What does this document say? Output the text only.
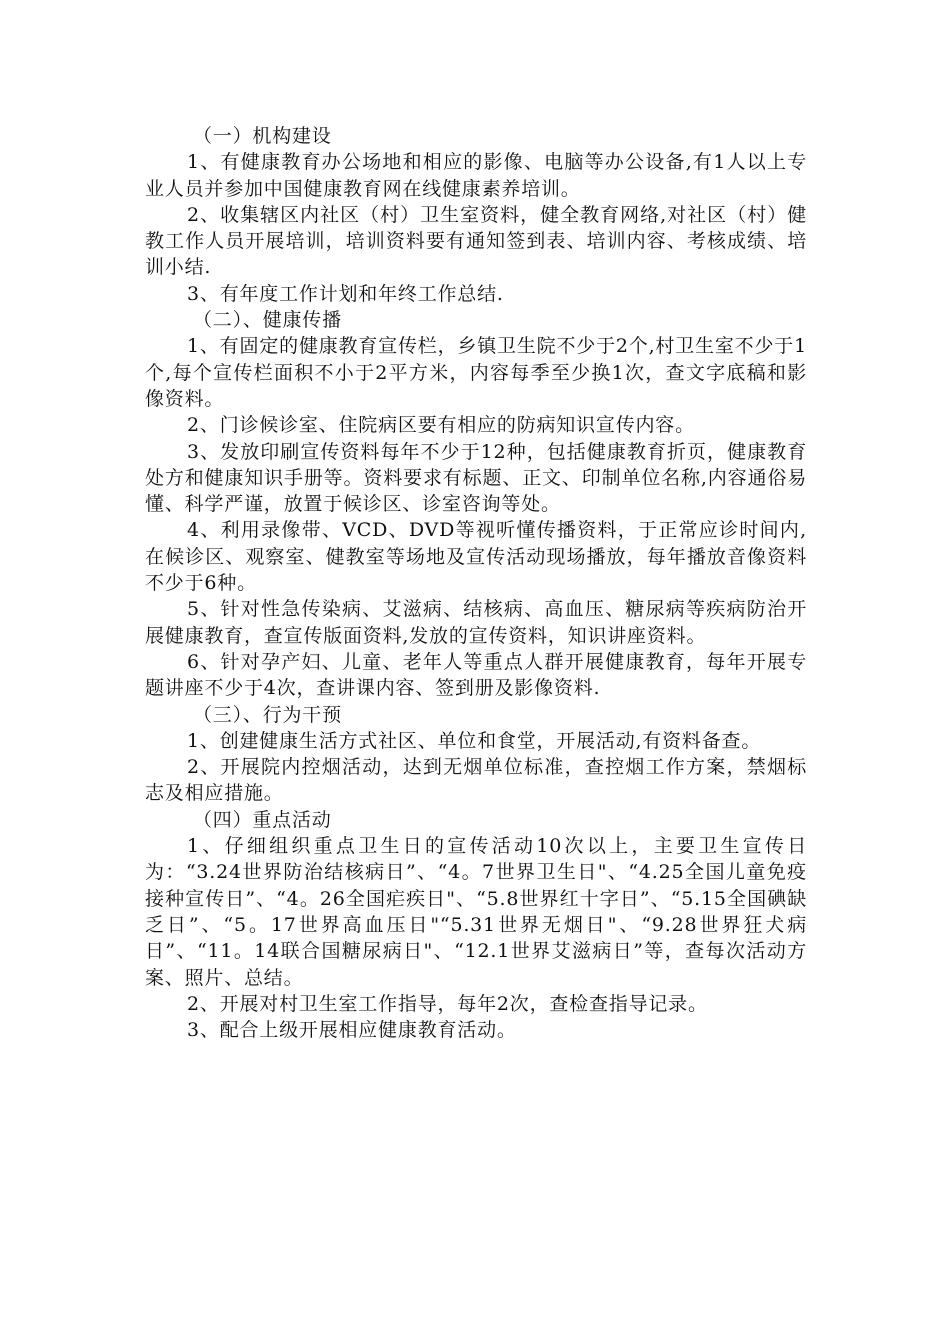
（一）机构建设

1、有健康教育办公场地和相应的影像、电脑等办公设备,有1人以上专业人员并参加中国健康教育网在线健康素养培训。

2、收集辖区内社区（村）卫生室资料，健全教育网络,对社区（村）健教工作人员开展培训，培训资料要有通知签到表、培训内容、考核成绩、培训小结.

3、有年度工作计划和年终工作总结.

（二）、健康传播

1、有固定的健康教育宣传栏，乡镇卫生院不少于2个,村卫生室不少于1个,每个宣传栏面积不小于2平方米，内容每季至少换1次，查文字底稿和影像资料。

2、门诊候诊室、住院病区要有相应的防病知识宣传内容。

3、发放印刷宣传资料每年不少于12种，包括健康教育折页，健康教育处方和健康知识手册等。资料要求有标题、正文、印制单位名称,内容通俗易懂、科学严谨，放置于候诊区、诊室咨询等处。

4、利用录像带、VCD、DVD等视听懂传播资料，于正常应诊时间内,在候诊区、观察室、健教室等场地及宣传活动现场播放，每年播放音像资料不少于6种。

5、针对性急传染病、艾滋病、结核病、高血压、糖尿病等疾病防治开展健康教育，查宣传版面资料,发放的宣传资料，知识讲座资料。

6、针对孕产妇、儿童、老年人等重点人群开展健康教育，每年开展专题讲座不少于4次，查讲课内容、签到册及影像资料.

（三）、行为干预

1、创建健康生活方式社区、单位和食堂，开展活动,有资料备查。

2、开展院内控烟活动，达到无烟单位标准，查控烟工作方案，禁烟标志及相应措施。

（四）重点活动

1、仔细组织重点卫生日的宣传活动10次以上，主要卫生宣传日为：“3.24世界防治结核病日”、“4。7世界卫生日"、“4.25全国儿童免疫接种宣传日”、“4。26全国疟疾日"、“5.8世界红十字日”、“5.15全国碘缺乏日”、“5。17世界高血压日"“5.31世界无烟日"、“9.28世界狂犬病日”、“11。14联合国糖尿病日"、“12.1世界艾滋病日”等，查每次活动方案、照片、总结。

2、开展对村卫生室工作指导，每年2次，查检查指导记录。

3、配合上级开展相应健康教育活动。
